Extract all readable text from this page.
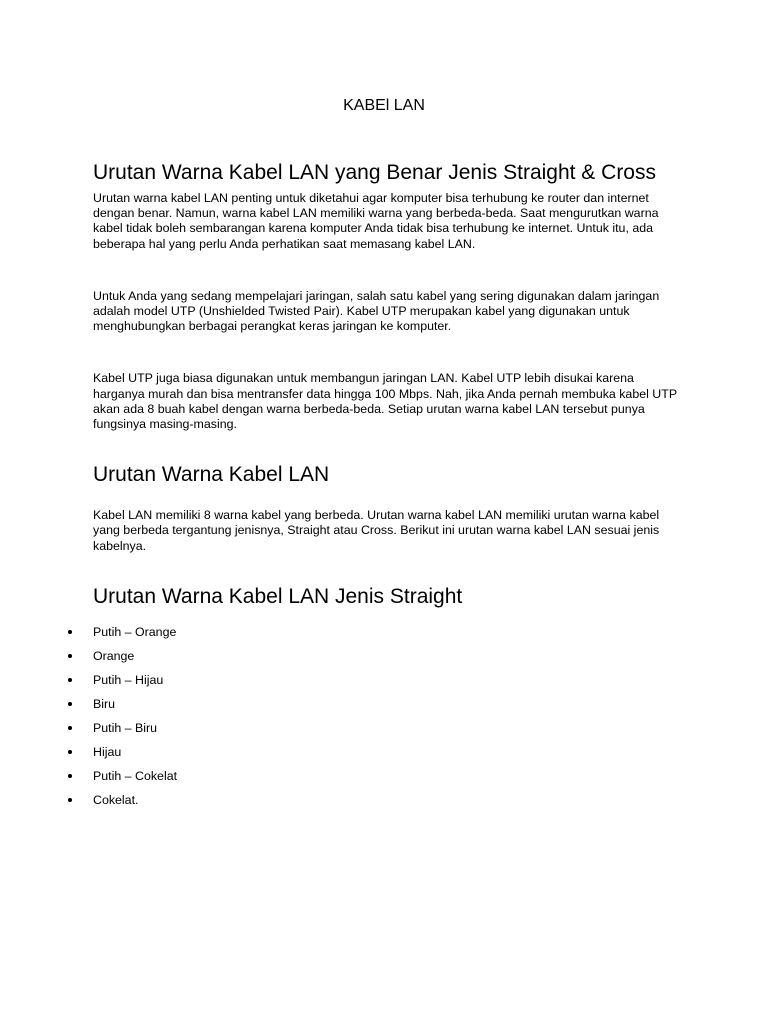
KABEl LAN
Urutan Warna Kabel LAN yang Benar Jenis Straight & Cross

Urutan warna kabel LAN penting untuk diketahui agar komputer bisa terhubung ke router dan internet dengan benar. Namun, warna kabel LAN memiliki warna yang berbeda-beda. Saat mengurutkan warna kabel tidak boleh sembarangan karena komputer Anda tidak bisa terhubung ke internet. Untuk itu, ada beberapa hal yang perlu Anda perhatikan saat memasang kabel LAN.

Untuk Anda yang sedang mempelajari jaringan, salah satu kabel yang sering digunakan dalam jaringan adalah model UTP (Unshielded Twisted Pair). Kabel UTP merupakan kabel yang digunakan untuk menghubungkan berbagai perangkat keras jaringan ke komputer.

Kabel UTP juga biasa digunakan untuk membangun jaringan LAN. Kabel UTP lebih disukai karena harganya murah dan bisa mentransfer data hingga 100 Mbps. Nah, jika Anda pernah membuka kabel UTP akan ada 8 buah kabel dengan warna berbeda-beda. Setiap urutan warna kabel LAN tersebut punya fungsinya masing-masing.

Urutan Warna Kabel LAN

Kabel LAN memiliki 8 warna kabel yang berbeda. Urutan warna kabel LAN memiliki urutan warna kabel yang berbeda tergantung jenisnya, Straight atau Cross. Berikut ini urutan warna kabel LAN sesuai jenis kabelnya.

Urutan Warna Kabel LAN Jenis Straight
Putih – Orange
Orange
Putih – Hijau
Biru
Putih – Biru
Hijau
Putih – Cokelat
Cokelat.
